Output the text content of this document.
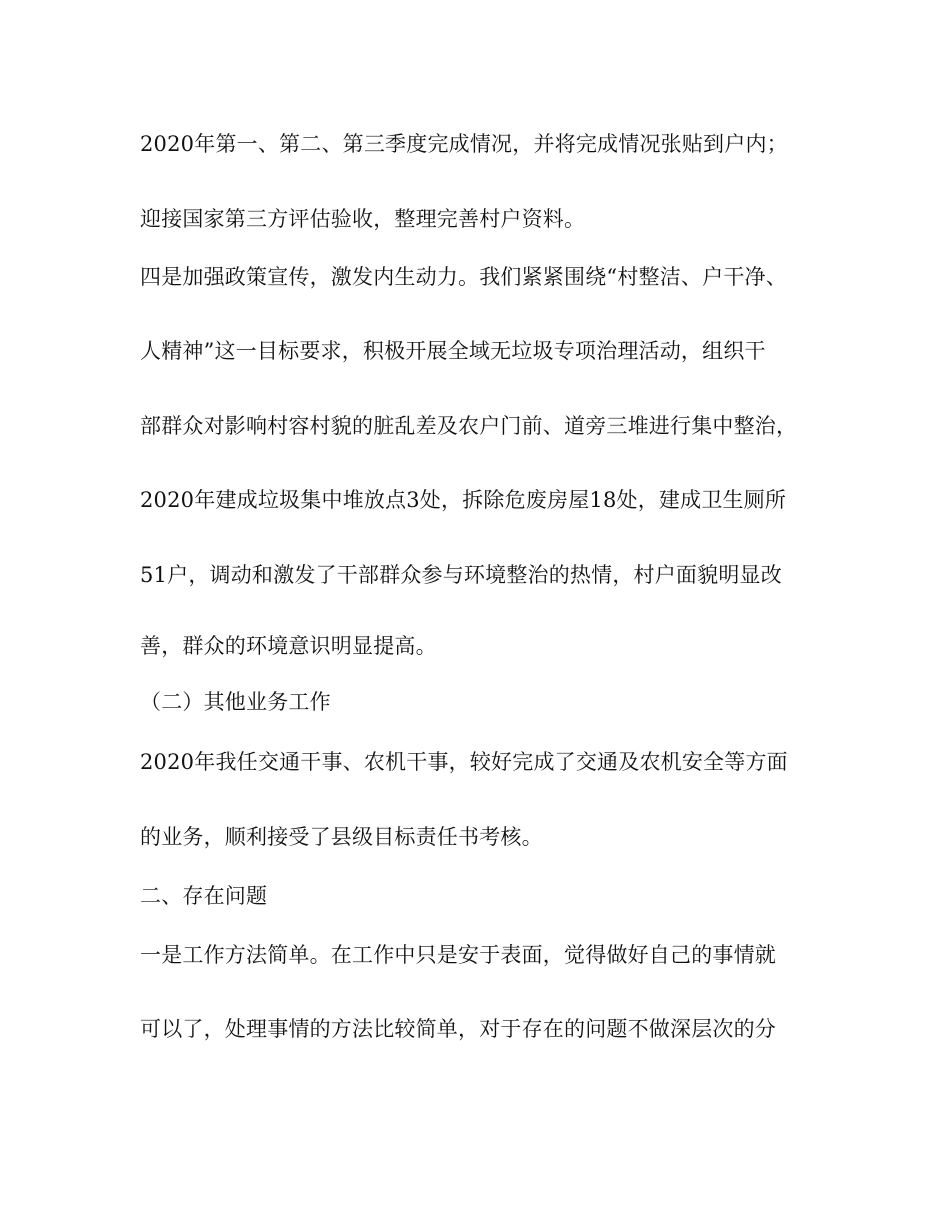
2020年第一、第二、第三季度完成情况，并将完成情况张贴到户内；
迎接国家第三方评估验收，整理完善村户资料。
四是加强政策宣传，激发内生动力。我们紧紧围绕“村整洁、户干净、
人精神”这一目标要求，积极开展全域无垃圾专项治理活动，组织干
部群众对影响村容村貌的脏乱差及农户门前、道旁三堆进行集中整治，
2020年建成垃圾集中堆放点3处，拆除危废房屋18处，建成卫生厕所
51户，调动和激发了干部群众参与环境整治的热情，村户面貌明显改
善，群众的环境意识明显提高。
（二）其他业务工作
2020年我任交通干事、农机干事，较好完成了交通及农机安全等方面
的业务，顺利接受了县级目标责任书考核。
二、存在问题
一是工作方法简单。在工作中只是安于表面，觉得做好自己的事情就
可以了，处理事情的方法比较简单，对于存在的问题不做深层次的分
